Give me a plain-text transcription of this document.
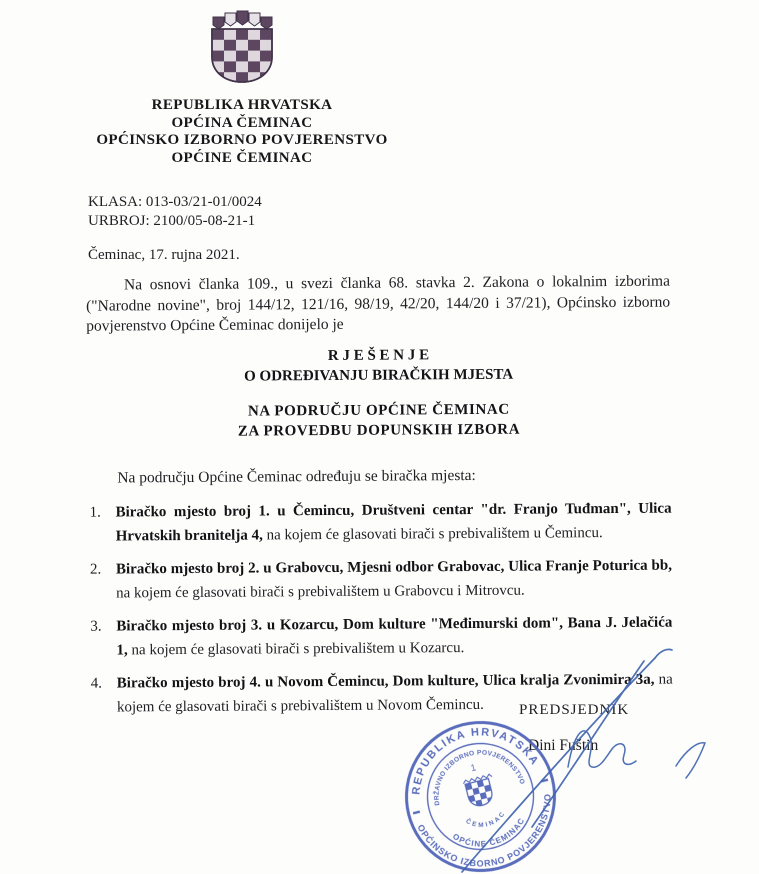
REPUBLIKA HRVATSKA
OPĆINA ČEMINAC
OPĆINSKO IZBORNO POVJERENSTVO
OPĆINE ČEMINAC
KLASA: 013-03/21-01/0024
URBROJ: 2100/05-08-21-1
Čeminac, 17. rujna 2021.

Na osnovi članka 109., u svezi članka 68. stavka 2. Zakona o lokalnim izborima ("Narodne novine", broj 144/12, 121/16, 98/19, 42/20, 144/20 i 37/21), Općinsko izborno povjerenstvo Općine Čeminac donijelo je

R J E Š E N J E
O ODREĐIVANJU BIRAČKIH MJESTA
NA PODRUČJU OPĆINE ČEMINAC
ZA PROVEDBU DOPUNSKIH IZBORA

Na području Općine Čeminac određuju se biračka mjesta:

1. Biračko mjesto broj 1. u Čemincu, Društveni centar "dr. Franjo Tuđman", Ulica Hrvatskih branitelja 4, na kojem će glasovati birači s prebivalištem u Čemincu.
2. Biračko mjesto broj 2. u Grabovcu, Mjesni odbor Grabovac, Ulica Franje Poturica bb, na kojem će glasovati birači s prebivalištem u Grabovcu i Mitrovcu.
3. Biračko mjesto broj 3. u Kozarcu, Dom kulture "Međimurski dom", Bana J. Jelačića 1, na kojem će glasovati birači s prebivalištem u Kozarcu.
4. Biračko mjesto broj 4. u Novom Čemincu, Dom kulture, Ulica kralja Zvonimira 3a, na kojem će glasovati birači s prebivalištem u Novom Čemincu.	PREDSJEDNIK
Dini Fuštin
REPUBLIKA HRVATSKA
OPĆINSKO IZBORNO POVJERENSTVO
DRŽAVNO IZBORNO POVJERENSTVO
OPĆINE ČEMINAC
ČEMINAC
1
